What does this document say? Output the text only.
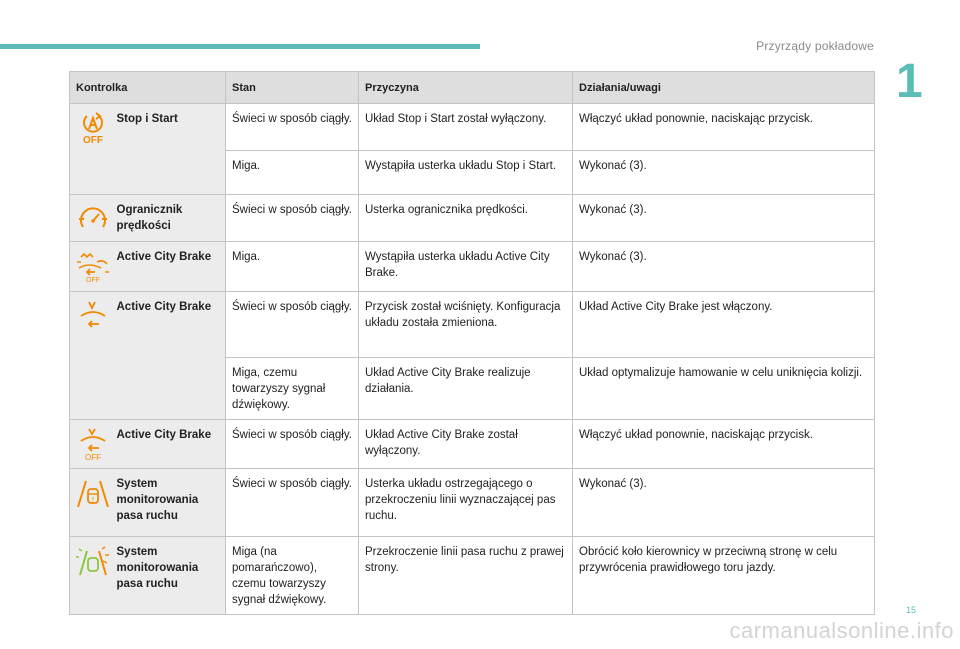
Przyrządy pokładowe
1
Kontrolka		Stan	Przyczyna	Działania/uwagi

OFF	Stop i Start	Świeci w sposób ciągły.	Układ Stop i Start został wyłączony.	Włączyć układ ponownie, naciskając przycisk.
		Miga.	Wystąpiła usterka układu Stop i Start.	Wykonać (3).

	Ogranicznik prędkości	Świeci w sposób ciągły.	Usterka ogranicznika prędkości.	Wykonać (3).

OFF	Active City Brake	Miga.	Wystąpiła usterka układu Active City Brake.	Wykonać (3).

	Active City Brake	Świeci w sposób ciągły.	Przycisk został wciśnięty. Konfiguracja układu została zmieniona.	Układ Active City Brake jest włączony.
		Miga, czemu towarzyszy sygnał dźwiękowy.	Układ Active City Brake realizuje działania.	Układ optymalizuje hamowanie w celu uniknięcia kolizji.

OFF	Active City Brake	Świeci w sposób ciągły.	Układ Active City Brake został wyłączony.	Włączyć układ ponownie, naciskając przycisk.

!	System monitorowania pasa ruchu	Świeci w sposób ciągły.	Usterka układu ostrzegającego o przekroczeniu linii wyznaczającej pas ruchu.	Wykonać (3).

	System monitorowania pasa ruchu	Miga (na pomarańczowo), czemu towarzyszy sygnał dźwiękowy.	Przekroczenie linii pasa ruchu z prawej strony.	Obrócić koło kierownicy w przeciwną stronę w celu przywrócenia prawidłowego toru jazdy.
15
carmanualsonline.info
